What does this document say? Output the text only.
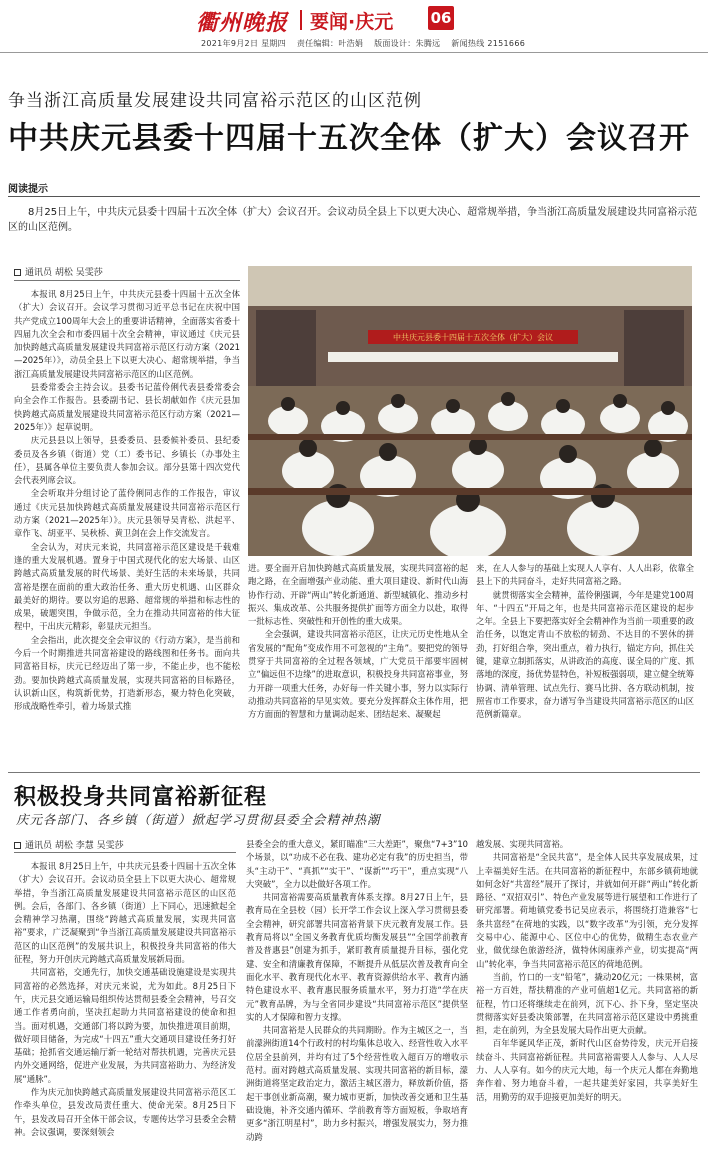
衢州晚报 要闻·庆元 06
2021年9月2日 星期四 责任编辑：叶浩娟 版面设计：朱腾远 新闻热线 2151666
争当浙江高质量发展建设共同富裕示范区的山区范例
中共庆元县委十四届十五次全体（扩大）会议召开
阅读提示
8月25日上午，中共庆元县委十四届十五次全体（扩大）会议召开。会议动员全县上下以更大决心、超常规举措，争当浙江高质量发展建设共同富裕示范区的山区范例。
通讯员 胡松 吴雯莎

本报讯 8月25日上午，中共庆元县委十四届十五次全体（扩大）会议召开。会议学习贯彻习近平总书记在庆祝中国共产党成立100周年大会上的重要讲话精神，全面落实省委十四届九次全会和市委四届十次全会精神，审议通过《庆元县加快跨越式高质量发展建设共同富裕示范区行动方案（2021—2025年）》，动员全县上下以更大决心、超常规举措，争当浙江高质量发展建设共同富裕示范区的山区范例。

县委常委会主持会议。县委书记蓝伶俐代表县委常委会向全会作工作报告。县委副书记、县长胡献如作《庆元县加快跨越式高质量发展建设共同富裕示范区行动方案（2021—2025年）》起草说明。

庆元县县以上领导，县委委员、县委候补委员、县纪委委员及各乡镇（街道）党（工）委书记、乡镇长（办事处主任），县属各单位主要负责人参加会议。部分县第十四次党代会代表列席会议。

全会听取并分组讨论了蓝伶俐同志作的工作报告，审议通过《庆元县加快跨越式高质量发展建设共同富裕示范区行动方案（2021—2025年）》。庆元县领导吴青松、洪起平、章作飞、胡亚平、吴秋桥、黄卫剑在会上作交流发言。

全会认为，对庆元来说，共同富裕示范区建设是千载难逢的重大发展机遇。置身于中国式现代化的宏大场景、山区跨越式高质量发展的时代场景、美好生活的未来场景，共同富裕是摆在面前的重大政治任务、重大历史机遇、山区群众最美好的期待。要以穷追的思路、超常规的举措和标志性的成果，破题突围，争做示范，全力在推动共同富裕的伟大征程中，干出庆元精彩，彰显庆元担当。

全会指出，此次提交全会审议的《行动方案》，是当前和今后一个时期推进共同富裕建设的路线图和任务书。面向共同富裕目标，庆元已经迈出了第一步，不能止步，也不能松劲。要加快跨越式高质量发展，实现共同富裕的目标路径，认识新山区，构筑新优势，打造新形态，聚力特色化突破，形成战略性牵引，着力场景式推

中共庆元县委十四届十五次全体（扩大）会议

进。要全面开启加快跨越式高质量发展，实现共同富裕的起跑之路，在全面增强产业动能、重大项目建设、新时代山海协作行动、开辟“两山”转化新通道、新型城镇化、推动乡村振兴、集成改革、公共服务提供扩面等方面全力以赴，取得一批标志性、突破性和开创性的重大成果。

全会强调，建设共同富裕示范区，让庆元历史性地从全省发展的“配角”变成作用不可忽视的“主角”。要把党的领导贯穿于共同富裕的全过程各领域，广大党员干部要牢固树立“偏远但不边缘”的进取意识，积极投身共同富裕事业，努力开辟一项重大任务，办好每一件关键小事，努力以实际行动推动共同富裕的早见实效。要充分发挥群众主体作用，把方方面面的智慧和力量调动起来、团结起来、凝聚起

来，在人人参与的基础上实现人人享有、人人出彩，依靠全县上下的共同奋斗，走好共同富裕之路。

就贯彻落实全会精神，蓝伶俐强调，今年是建党100周年、“十四五”开局之年，也是共同富裕示范区建设的起步之年。全县上下要把落实好全会精神作为当前一项重要的政治任务，以饱定青山不放松的韧劲、不达目的不罢休的拼劲，打好组合拳，突出重点，着力执行，锚定方向，抓住关键，建章立制抓落实，从讲政治的高度、谋全局的广度、抓落地的深度，扬优势显特色，补短板强弱项，建立健全统筹协调、清单管理、试点先行、赛马比拼、各方联动机制，按照省市工作要求，奋力谱写争当建设共同富裕示范区的山区范例新篇章。

积极投身共同富裕新征程
庆元各部门、各乡镇（街道）掀起学习贯彻县委全会精神热潮
通讯员 胡松 李慧 吴雯莎

本报讯 8月25日上午，中共庆元县委十四届十五次全体（扩大）会议召开。会议动员全县上下以更大决心、超常规举措，争当浙江高质量发展建设共同富裕示范区的山区范例。会后，各部门、各乡镇（街道）上下同心，迅速掀起全会精神学习热潮，围绕“跨越式高质量发展，实现共同富裕”要求，广泛凝聚到“争当浙江高质量发展建设共同富裕示范区的山区范例”的发展共识上，积极投身共同富裕的伟大征程，努力开创庆元跨越式高质量发展新局面。

共同富裕，交通先行，加快交通基础设施建设是实现共同富裕的必然选择，对庆元来说，尤为如此。8月25日下午，庆元县交通运输局组织传达贯彻县委全会精神，号召交通工作者勇向前，坚决扛起助力共同富裕建设的使命和担当。面对机遇，交通部门将以跨为要，加快推进项目前期，做好项目储备，为完成“十四五”重大交通项目建设任务打好基础；抢抓省交通运输厅新一轮结对帮扶机遇，完善庆元县内外交通网络，促进产业发展，为共同富裕助力、为经济发展“通脉”。

作为庆元加快跨越式高质量发展建设共同富裕示范区工作牵头单位，县发改局责任重大、使命光荣。8月25日下午，县发改局召开全体干部会议，专题传达学习县委全会精神。会议强调，要深刻领会

县委全会的重大意义，紧盯瞄准“三大差距”，聚焦“7+3”10个场景，以“功成不必在我、建功必定有我”的历史担当，带头“主动干”、“真抓”“实干”、“谋新”“巧干”，重点实现“八大突破”，全力以赴做好各项工作。

共同富裕需要高质量教育体系支撑。8月27日上午，县教育局在全县校（园）长开学工作会议上深入学习贯彻县委全会精神，研究部署共同富裕背景下庆元教育发展工作。县教育局将以“全国义务教育优质均衡发展县”“全国学前教育普及普惠县”创建为抓手，紧盯教育质量提升目标，强化党建、安全和清廉教育保障，不断提升从低层次普及教育向全面化水平、教育现代化水平、教育资源供给水平、教育内涵特色建设水平、教育惠民服务质量水平，努力打造“学在庆元”教育品牌，为与全省同步建设“共同富裕示范区”提供坚实的人才保障和智力支撑。

共同富裕是人民群众的共同期盼。作为主城区之一，当前濛洲街道14个行政村的村均集体总收入、经营性收入水平位居全县前列，并均有过了5个经营性收入超百万的增收示范村。面对跨越式高质量发展、实现共同富裕的新目标，濛洲街道将坚定政治定力，激活主城区潜力，释放新价值，搭起干事创业新高潮，聚力城市更新，加快改善交通和卫生基础设施，补齐交通内循环、学前教育等方面短板，争取培育更多“浙江明星村”，助力乡村振兴，增强发展实力，努力推动跨

越发展、实现共同富裕。

共同富裕是“全民共富”，是全体人民共享发展成果，过上幸福美好生活。在共同富裕的新征程中，东部乡镇荷地就如何念好“共富经”展开了探讨，并就如何开辟“两山”转化新路径、“双招双引”、特色产业发展等进行展望和工作进行了研究部署。荷地镇党委书记吴应表示，将围绕打造兼容“七条共富经”在荷地的实践，以“数字改革”为引领，充分发挥交易中心、能源中心、区位中心的优势，做精生态农业产业，做优绿色旅游经济，做特休闲康养产业，切实提高“两山”转化率，争当共同富裕示范区的荷地范例。

当前，竹口的一支“铅笔”，撬动20亿元；一株果树，富裕一方百姓，帮扶精准的产业可值超1亿元。共同富裕的新征程，竹口还将继续走在前列，沉下心、扑下身，坚定坚决贯彻落实好县委决策部署，在共同富裕示范区建设中勇挑重担，走在前列，为全县发展大局作出更大贡献。

百年华诞风华正茂，新时代山区奋势待发，庆元开启接续奋斗、共同富裕新征程。共同富裕需要人人参与、人人尽力、人人享有。如今的庆元大地，每一个庆元人都在奔勤地奔作着、努力地奋斗着，一起共建美好家园，共享美好生活，用勤劳的双手迎接更加美好的明天。
